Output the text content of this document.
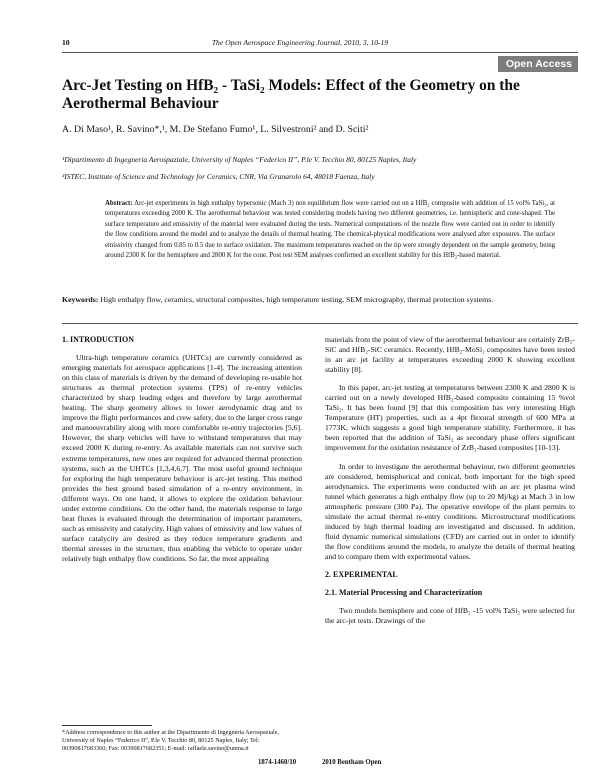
10	The Open Aerospace Engineering Journal, 2010, 3, 10-19
Open Access
Arc-Jet Testing on HfB₂ - TaSi₂ Models: Effect of the Geometry on the Aerothermal Behaviour
A. Di Maso¹, R. Savino*,¹, M. De Stefano Fumo¹, L. Silvestroni² and D. Sciti²
¹Dipartimento di Ingegneria Aerospaziale, University of Naples “Federico II”, P.le V. Tecchio 80, 80125 Naples, Italy
²ISTEC, Institute of Science and Technology for Ceramics, CNR, Via Granarolo 64, 48018 Faenza, Italy
Abstract: Arc-jet experiments in high enthalpy hypersonic (Mach 3) non equilibrium flow were carried out on a HfB₂ composite with addition of 15 vol% TaSi₂, at temperatures exceeding 2000 K. The aerothermal behaviour was tested considering models having two different geometries, i.e. hemispheric and cone-shaped. The surface temperature and emissivity of the material were evaluated during the tests. Numerical computations of the nozzle flow were carried out in order to identify the flow conditions around the model and to analyze the details of thermal heating. The chemical-physical modifications were analysed after exposures. The surface emissivity changed from 0.85 to 0.5 due to surface oxidation. The maximum temperatures reached on the tip were strongly dependent on the sample geometry, being around 2300 K for the hemisphere and 2800 K for the cone. Post test SEM analyses confirmed an excellent stability for this HfB₂-based material.
Keywords: High enthalpy flow, ceramics, structural composites, high temperature testing, SEM micrography, thermal protection systems.

1. INTRODUCTION

Ultra-high temperature ceramics (UHTCs) are currently considered as emerging materials for aerospace applications [1-4]. The increasing attention on this class of materials is driven by the demand of developing re-usable hot structures as thermal protection systems (TPS) of re-entry vehicles characterized by sharp leading edges and therefore by large aerothermal heating. The sharp geometry allows to lower aerodynamic drag and to improve the flight performances and crew safety, due to the larger cross range and manoeuvrability along with more comfortable re-entry trajectories [5,6]. However, the sharp vehicles will have to withstand temperatures that may exceed 2000 K during re-entry. As available materials can not survive such extreme temperatures, new ones are required for advanced thermal protection systems, such as the UHTCs [1,3,4,6,7]. The most useful ground technique for exploring the high temperature behaviour is arc-jet testing. This method provides the best ground based simulation of a re-entry environment, in different ways. On one hand, it allows to explore the oxidation behaviour under extreme conditions. On the other hand, the materials response to large heat fluxes is evaluated through the determination of important parameters, such as emissivity and catalycity. High values of emissivity and low values of surface catalycity are desired as they reduce temperature gradients and thermal stresses in the structure, thus enabling the vehicle to operate under relatively high enthalpy flow conditions. So far, the most appealing

materials from the point of view of the aerothermal behaviour are certainly ZrB₂-SiC and HfB₂-SiC ceramics. Recently, HfB₂-MoSi₂ composites have been tested in an arc jet facility at temperatures exceeding 2000 K showing excellent stability [8].

In this paper, arc-jet testing at temperatures between 2300 K and 2800 K is carried out on a newly developed HfB₂-based composite containing 15 %vol TaSi₂. It has been found [9] that this composition has very interesting High Temperature (HT) properties, such as a 4pt flexural strength of 600 MPa at 1773K, which suggests a good high temperature stability. Furthermore, it has been reported that the addition of TaSi₂ as secondary phase offers significant improvement for the oxidation resistance of ZrB₂-based composites [10-13].

In order to investigate the aerothermal behaviour, two different geometries are considered, hemispherical and conical, both important for the high speed aerodynamics. The experiments were conducted with an arc jet plasma wind tunnel which generates a high enthalpy flow (up to 20 Mj/kg) at Mach 3 in low atmospheric pressure (300 Pa). The operative envelope of the plant permits to simulate the actual thermal re-entry conditions. Microstructural modifications induced by high thermal loading are investigated and discussed. In addition, fluid dynamic numerical simulations (CFD) are carried out in order to identify the flow conditions around the models, to analyze the details of thermal heating and to compare them with experimental values.

2. EXPERIMENTAL

2.1. Material Processing and Characterization

Two models hemisphere and cone of HfB₂ -15 vol% TaSi₂ were selected for the arc-jet tests. Drawings of the

*Address correspondence to this author at the Dipartimento di Ingegneria Aerospaziale, University of Naples “Federico II”, P.le V. Tecchio 80, 80125 Naples, Italy; Tel: 00390817683360; Fax: 00390817682351; E-mail: raffaele.savino@unina.it
1874-1460/10	2010 Bentham Open
